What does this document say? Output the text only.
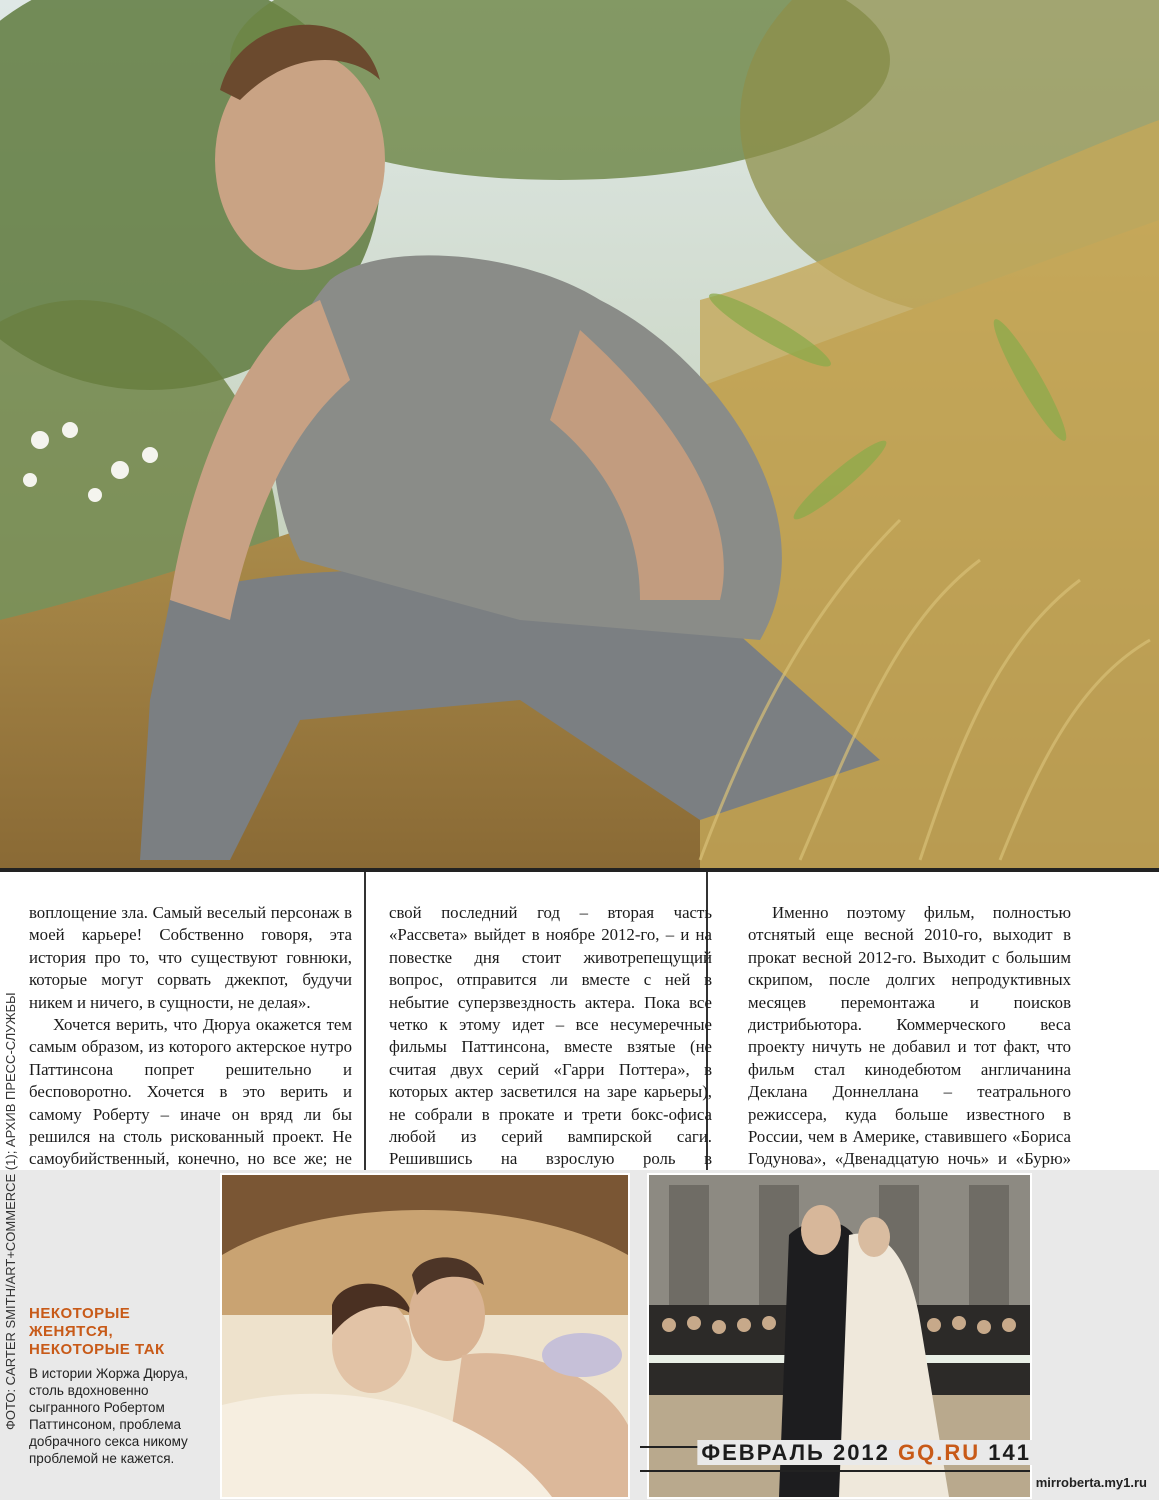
воплощение зла. Самый веселый персонаж в моей карьере! Собственно говоря, эта история про то, что существуют говнюки, которые могут сорвать джекпот, будучи никем и ничего, в сущности, не делая».

Хочется верить, что Дюруа окажется тем самым образом, из которого актерское нутро Паттинсона попрет решительно и бесповоротно. Хочется в это верить и самому Роберту – иначе он вряд ли бы решился на столь рискованный проект. Не самоубийственный, конечно, но все же; не

свой последний год – вторая часть «Рассвета» выйдет в ноябре 2012-го, – и на повестке дня стоит животрепещущий вопрос, отправится ли вместе с ней в небытие суперзвездность актера. Пока все четко к этому идет – все несумеречные фильмы Паттинсона, вместе взятые (не считая двух серий «Гарри Поттера», в которых актер засветился на заре карьеры), не собрали в прокате и трети бокс-офиса любой из серий вампирской саги. Решившись на взрослую роль в

Именно поэтому фильм, полностью отснятый еще весной 2010-го, выходит в прокат весной 2012-го. Выходит с большим скрипом, после долгих непродуктивных месяцев перемонтажа и поисков дистрибьютора. Коммерческого веса проекту ничуть не добавил и тот факт, что фильм стал кинодебютом англичанина Деклана Доннеллана – театрального режиссера, куда больше известного в России, чем в Америке, ставившего «Бориса Годунова», «Двенадцатую ночь» и «Бурю»

НЕКОТОРЫЕ ЖЕНЯТСЯ, НЕКОТОРЫЕ ТАК
В истории Жоржа Дюруа, столь вдохновенно сыгранного Робертом Паттинсоном, проблема добрачного секса никому проблемой не кажется.
ФОТО: CARTER SMITH/ART+COMMERCE (1); АРХИВ ПРЕСС-СЛУЖБЫ
ФЕВРАЛЬ 2012 GQ.RU 141
mirroberta.my1.ru
